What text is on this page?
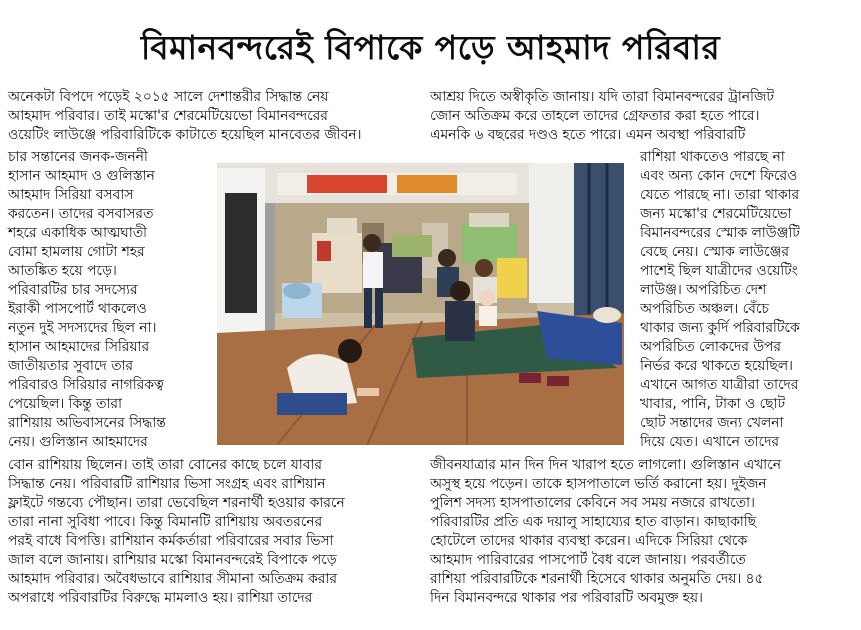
বিমানবন্দরেই বিপাকে পড়ে আহমাদ পরিবার
অনেকটা বিপদে পড়েই ২০১৫ সালে দেশান্তরীর সিদ্ধান্ত নেয়
আহমাদ পরিবার। তাই মস্কো'র শেরমেটিয়েভো বিমানবন্দরের
ওয়েটিং লাউঞ্জে পরিবারিটিকে কাটাতে হয়েছিল মানবেতর জীবন।
চার সন্তানের জনক-জননী
হাসান আহমাদ ও গুলিস্তান
আহমাদ সিরিয়া বসবাস
করতেন। তাদের বসবাসরত
শহরে একাধিক আত্মঘাতী
বোমা হামলায় গোটা শহর
আতঙ্কিত হয়ে পড়ে।
পরিবারটির চার সদস্যের
ইরাকী পাসপোর্ট থাকলেও
নতুন দুই সদস্যদের ছিল না।
হাসান আহমাদের সিরিয়ার
জাতীয়তার সুবাদে তার
পরিবারও সিরিয়ার নাগরিকত্ব
পেয়েছিল। কিন্তু তারা
রাশিয়ায় অভিবাসনের সিদ্ধান্ত
নেয়। গুলিস্তান আহমাদের
বোন রাশিয়ায় ছিলেন। তাই তারা বোনের কাছে চলে যাবার
সিদ্ধান্ত নেয়। পরিবারটি রাশিয়ার ভিসা সংগ্রহ এবং রাশিয়ান
ফ্লাইটে গন্তব্যে পৌছান। তারা ভেবেছিল শরনার্থী হওয়ার কারনে
তারা নানা সুবিধা পাবে। কিন্তু বিমানটি রাশিয়ায় অবতরনের
পরই বাধে বিপত্তি। রাশিয়ান কর্মকর্তারা পরিবারের সবার ভিসা
জাল বলে জানায়। রাশিয়ার মস্কো বিমানবন্দরেই বিপাকে পড়ে
আহমাদ পরিবার। অবৈধভাবে রাশিয়ার সীমানা অতিক্রম করার
অপরাধে পরিবারটির বিরুদ্ধে মামলাও হয়। রাশিয়া তাদের
আশ্রয় দিতে অস্বীকৃতি জানায়। যদি তারা বিমানবন্দরের ট্রানজিট
জোন অতিক্রম করে তাহলে তাদের গ্রেফতার করা হতে পারে।
এমনকি ৬ বছরের দণ্ডও হতে পারে। এমন অবস্থা পরিবারটি
রাশিয়া থাকতেও পারছে না
এবং অন্য কোন দেশে ফিরেও
যেতে পারছে না। তারা থাকার
জন্য মস্কো'র শেরমেটিয়েভো
বিমানবন্দরের স্মোক লাউঞ্জটি
বেছে নেয়। স্মোক লাউঞ্জের
পাশেই ছিল যাত্রীদের ওয়েটিং
লাউঞ্জ। অপরিচিত দেশ
অপরিচিত অঞ্চল। বেঁচে
থাকার জন্য কুর্দি পরিবারটিকে
অপরিচিত লোকদের উপর
নির্ভর করে থাকতে হয়েছিল।
এখানে আগত যাত্রীরা তাদের
খাবার, পানি, টাকা ও ছোট
ছোট সন্তাদের জন্য খেলনা
দিয়ে যেত। এখানে তাদের
জীবনযাত্রার মান দিন দিন খারাপ হতে লাগলো। গুলিস্তান এখানে
অসুস্থ হয়ে পড়েন। তাকে হাসপাতালে ভর্তি করানো হয়। দুইজন
পুলিশ সদস্য হাসপাতালের কেবিনে সব সময় নজরে রাখতো।
পরিবারটির প্রতি এক দয়ালু সাহায্যের হাত বাড়ান। কাছাকাছি
হোটেলে তাদের থাকার ব্যবস্থা করেন। এদিকে সিরিয়া থেকে
আহমাদ পারিবারের পাসপোর্ট বৈধ বলে জানায়। পরবর্তীতে
রাশিয়া পরিবারটিকে শরনার্থী হিসেবে থাকার অনুমতি দেয়। ৪৫
দিন বিমানবন্দরে থাকার পর পরিবারটি অবমুক্ত হয়।
